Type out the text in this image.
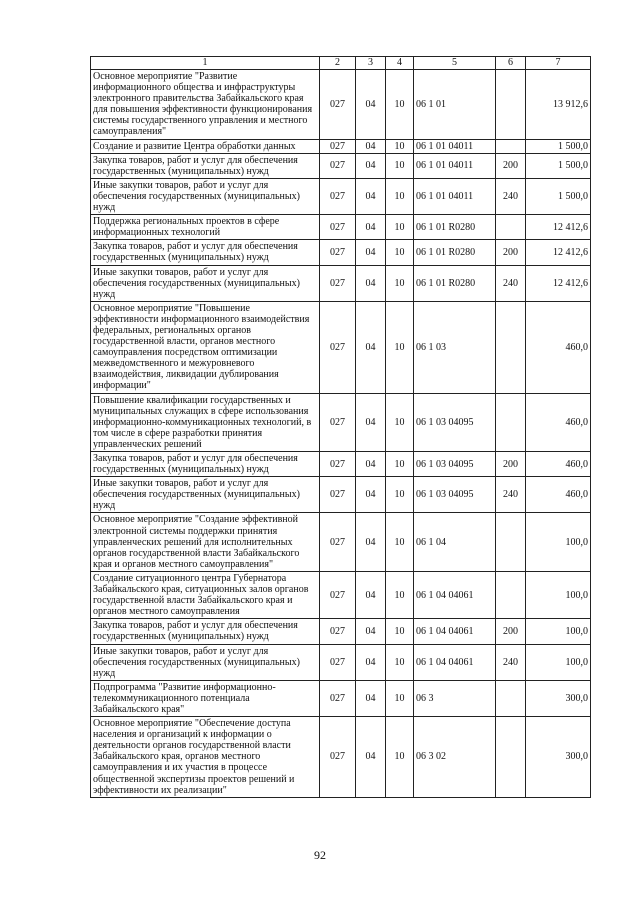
1	2	3	4	5	6	7
Основное мероприятие "Развитие информационного общества и инфраструктуры электронного правительства Забайкальского края для повышения эффективности функционирования системы государственного управления и местного самоуправления"	027	04	10	06 1 01		13 912,6
Создание и развитие Центра обработки данных	027	04	10	06 1 01 04011		1 500,0
Закупка товаров, работ и услуг для обеспечения государственных (муниципальных) нужд	027	04	10	06 1 01 04011	200	1 500,0
Иные закупки товаров, работ и услуг для обеспечения государственных (муниципальных) нужд	027	04	10	06 1 01 04011	240	1 500,0
Поддержка региональных проектов в сфере информационных технологий	027	04	10	06 1 01 R0280		12 412,6
Закупка товаров, работ и услуг для обеспечения государственных (муниципальных) нужд	027	04	10	06 1 01 R0280	200	12 412,6
Иные закупки товаров, работ и услуг для обеспечения государственных (муниципальных) нужд	027	04	10	06 1 01 R0280	240	12 412,6
Основное мероприятие "Повышение эффективности информационного взаимодействия федеральных, региональных органов государственной власти, органов местного самоуправления посредством оптимизации межведомственного и межуровневого взаимодействия, ликвидации дублирования информации"	027	04	10	06 1 03		460,0
Повышение квалификации государственных и муниципальных служащих в сфере использования информационно-коммуникационных технологий, в том числе в сфере разработки принятия управленческих решений	027	04	10	06 1 03 04095		460,0
Закупка товаров, работ и услуг для обеспечения государственных (муниципальных) нужд	027	04	10	06 1 03 04095	200	460,0
Иные закупки товаров, работ и услуг для обеспечения государственных (муниципальных) нужд	027	04	10	06 1 03 04095	240	460,0
Основное мероприятие "Создание эффективной электронной системы поддержки принятия управленческих решений для исполнительных органов государственной власти Забайкальского края и органов местного самоуправления"	027	04	10	06 1 04		100,0
Создание ситуационного центра Губернатора Забайкальского края, ситуационных залов органов государственной власти Забайкальского края и органов местного самоуправления	027	04	10	06 1 04 04061		100,0
Закупка товаров, работ и услуг для обеспечения государственных (муниципальных) нужд	027	04	10	06 1 04 04061	200	100,0
Иные закупки товаров, работ и услуг для обеспечения государственных (муниципальных) нужд	027	04	10	06 1 04 04061	240	100,0
Подпрограмма "Развитие информационно-телекоммуникационного потенциала Забайкальского края"	027	04	10	06 3		300,0
Основное мероприятие "Обеспечение доступа населения и организаций к информации о деятельности органов государственной власти Забайкальского края, органов местного самоуправления и их участия в процессе общественной экспертизы проектов решений и эффективности их реализации"	027	04	10	06 3 02		300,0
92
